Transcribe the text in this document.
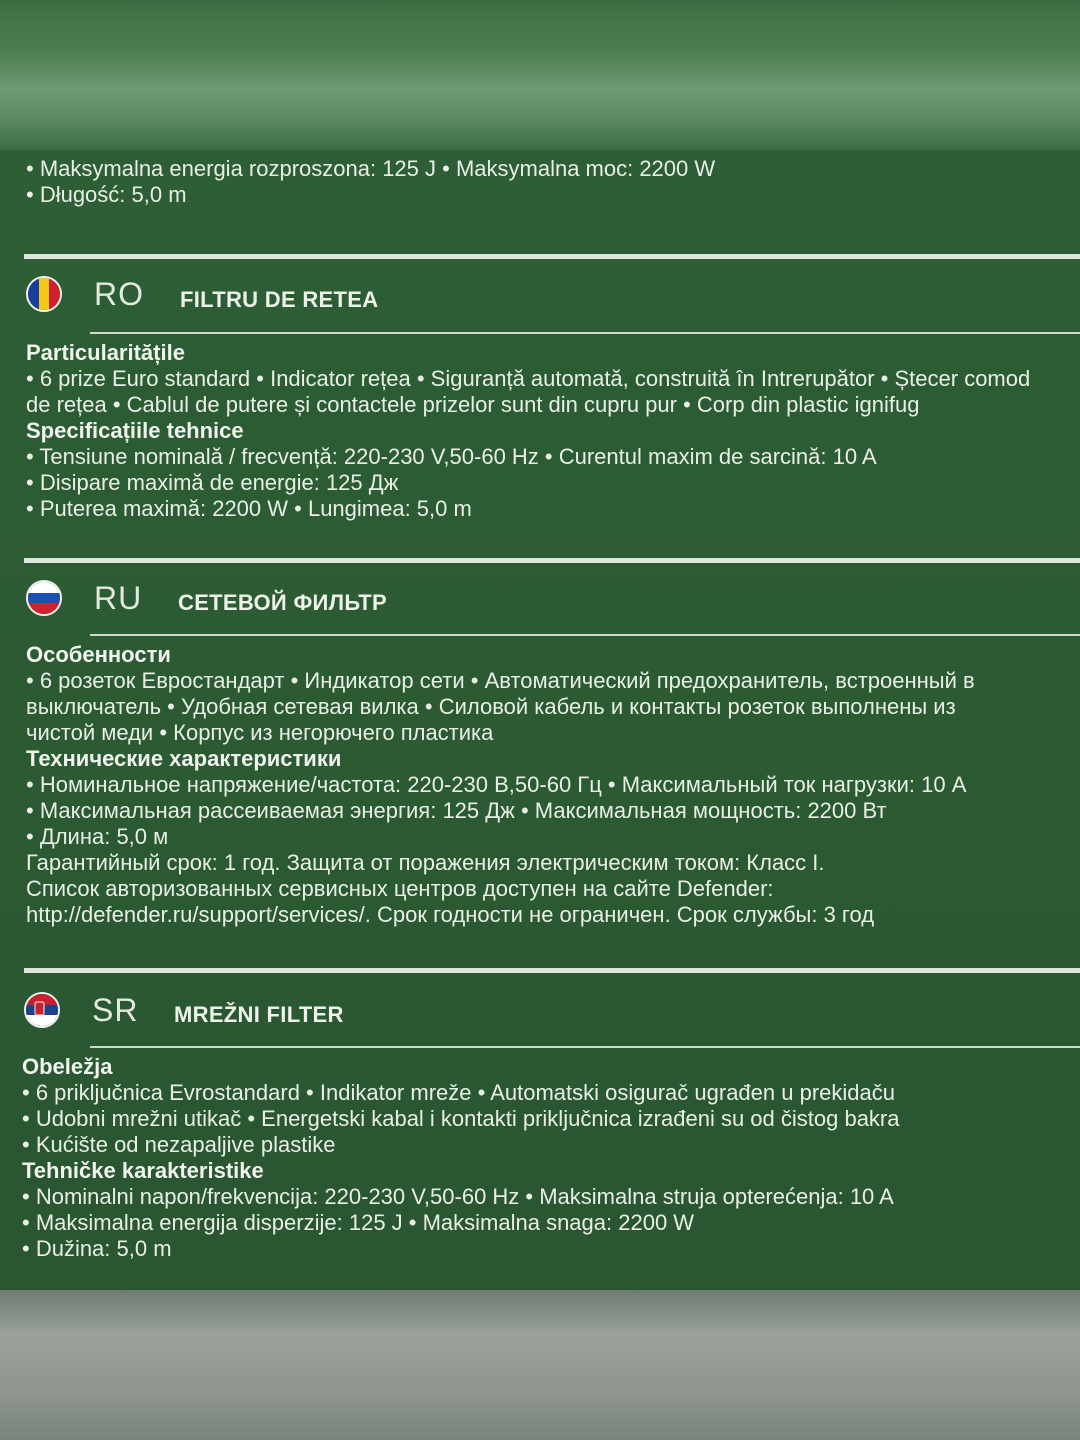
• Maksymalna energia rozproszona: 125 J • Maksymalna moc: 2200 W
• Długość: 5,0 m
RO FILTRU DE RETEA
Particularitățile
• 6 prize Euro standard • Indicator rețea • Siguranță automată, construită în Intrerupător • Ștecer comod
de rețea • Cablul de putere și contactele prizelor sunt din cupru pur • Corp din plastic ignifug
Specificațiile tehnice
• Tensiune nominală / frecvență: 220-230 V,50-60 Hz • Curentul maxim de sarcină: 10 A
• Disipare maximă de energie: 125 Дж
• Puterea maximă: 2200 W • Lungimea: 5,0 m
RU СЕТЕВОЙ ФИЛЬТР
Особенности
• 6 розеток Евростандарт • Индикатор сети • Автоматический предохранитель, встроенный в
выключатель • Удобная сетевая вилка • Силовой кабель и контакты розеток выполнены из
чистой меди • Корпус из негорючего пластика
Технические характеристики
• Номинальное напряжение/частота: 220-230 В,50-60 Гц • Максимальный ток нагрузки: 10 А
• Максимальная рассеиваемая энергия: 125 Дж • Максимальная мощность: 2200 Вт
• Длина: 5,0 м
Гарантийный срок: 1 год. Защита от поражения электрическим током: Класс I.
Список авторизованных сервисных центров доступен на сайте Defender:
http://defender.ru/support/services/. Срок годности не ограничен. Срок службы: 3 год
SR MREŽNI FILTER
Obeležja
• 6 priključnica Evrostandard • Indikator mreže • Automatski osigurač ugrađen u prekidaču
• Udobni mrežni utikač • Energetski kabal i kontakti priključnica izrađeni su od čistog bakra
• Kućište od nezapaljive plastike
Tehničke karakteristike
• Nominalni napon/frekvencija: 220-230 V,50-60 Hz • Maksimalna struja opterećenja: 10 A
• Maksimalna energija disperzije: 125 J • Maksimalna snaga: 2200 W
• Dužina: 5,0 m
